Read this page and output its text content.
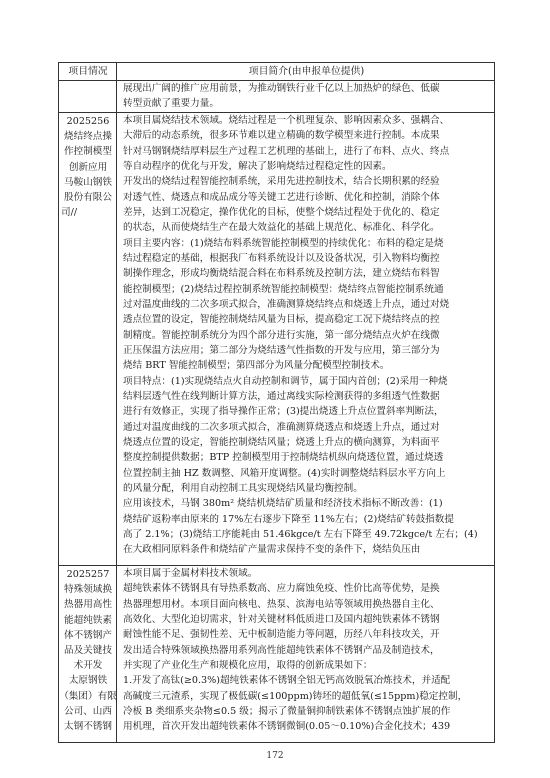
项目情况	项目简介(由申报单位提供)
展现出广阔的推广应用前景，为推动钢铁行业千亿以上加热炉的绿色、低碳
转型贡献了重要力量。
2025256
烧结终点操
作控制模型
创新应用
马鞍山钢铁
股份有限公
司//
本项目属烧结技术领域。烧结过程是一个机理复杂、影响因素众多、强耦合、
大滞后的动态系统，很多环节难以建立精确的数学模型来进行控制。本成果
针对马钢钢烧结厚料层生产过程工艺机理的基础上，进行了布料、点火、终点
等自动程序的优化与开发，解决了影响烧结过程稳定性的因素。
开发出的烧结过程智能控制系统，采用先进控制技术，结合长期积累的经验
对透气性、烧透点和成品成分等关键工艺进行诊断、优化和控制，消除个体
差异，达到工况稳定，操作优化的目标，使整个烧结过程处于优化的、稳定
的状态，从而使烧结生产在最大效益化的基础上规范化、标准化、科学化。
项目主要内容：(1)烧结布料系统智能控制模型的持续优化：布料的稳定是烧
结过程稳定的基础，根据我厂布料系统设计以及设备状况，引入物料均衡控
制操作理念，形成均衡烧结混合料在布料系统及控制方法，建立烧结布料智
能控制模型；(2)烧结过程控制系统智能控制模型：烧结终点智能控制系统通
过对温度曲线的二次多项式拟合，准确测算烧结终点和烧透上升点，通过对烧
透点位置的设定，智能控制烧结风量为目标，提高稳定工况下烧结终点的控
制精度。智能控制系统分为四个部分进行实施，第一部分烧结点火炉在线微
正压保温方法应用；第二部分为烧结透气性指数的开发与应用，第三部分为
烧结 BRT 智能控制模型；第四部分为风量分配模型控制技术。
项目特点：(1)实现烧结点火自动控制和调节，属于国内首创；(2)采用一种烧
结料层透气性在线判断计算方法，通过离线实际检测获得的多组透气性数据
进行有效修正，实现了指导操作正常；(3)提出烧透上升点位置斜率判断法，
通过对温度曲线的二次多项式拟合，准确测算烧透点和烧透上升点，通过对
烧透点位置的设定，智能控制烧结风量；烧透上升点的横向测算，为料面平
整度控制提供数据；BTP 控制模型用于控制烧结机纵向烧透位置，通过烧透
位置控制主抽 HZ 数调整、风箱开度调整。(4)实时调整烧结料层水平方向上
的风量分配，利用自动控制工具实现烧结风量均衡控制。
应用该技术，马钢 380m² 烧结机烧结矿质量和经济技术指标不断改善：(1)
烧结矿返粉率由原来的 17%左右逐步下降至 11%左右；(2)烧结矿转鼓指数提
高了 2.1%；(3)烧结工序能耗由 51.46kgce/t 左右下降至 49.72kgce/t 左右；(4)
在大政相同原料条件和烧结矿产量需求保持不变的条件下，烧结负压由
2025257
特殊领域换
热器用高性
能超纯铁素
体不锈钢产
品及关键技
术开发
太原钢铁
（集团）有限
公司、山西
太钢不锈钢
本项目属于金属材料技术领域。
超纯铁素体不锈钢具有导热系数高、应力腐蚀免疫、性价比高等优势，是换
热器理想用材。本项目面向核电、热泵、滨海电站等领域用换热器自主化、
高效化、大型化迫切需求，针对关键材料低质进口及国内超纯铁素体不锈钢
耐蚀性能不足、强韧性差、无中板制造能力等问题，历经八年科技攻关，开
发出适合特殊领域换热器用系列高性能超纯铁素体不锈钢产品及制造技术，
并实现了产业化生产和规模化应用，取得的创新成果如下：
1.开发了高钛(≥0.3%)超纯铁素体不锈钢全铝无钙高效脱氧冶炼技术，并适配
高碱度三元渣系，实现了极低碳(≤100ppm)铸坯的超低氧(≤15ppm)稳定控制，
冷板 B 类细系夹杂物≤0.5 级；揭示了微量铜抑制铁素体不锈钢点蚀扩展的作
用机理，首次开发出超纯铁素体不锈钢微铜(0.05～0.10%)合金化技术；439
172
